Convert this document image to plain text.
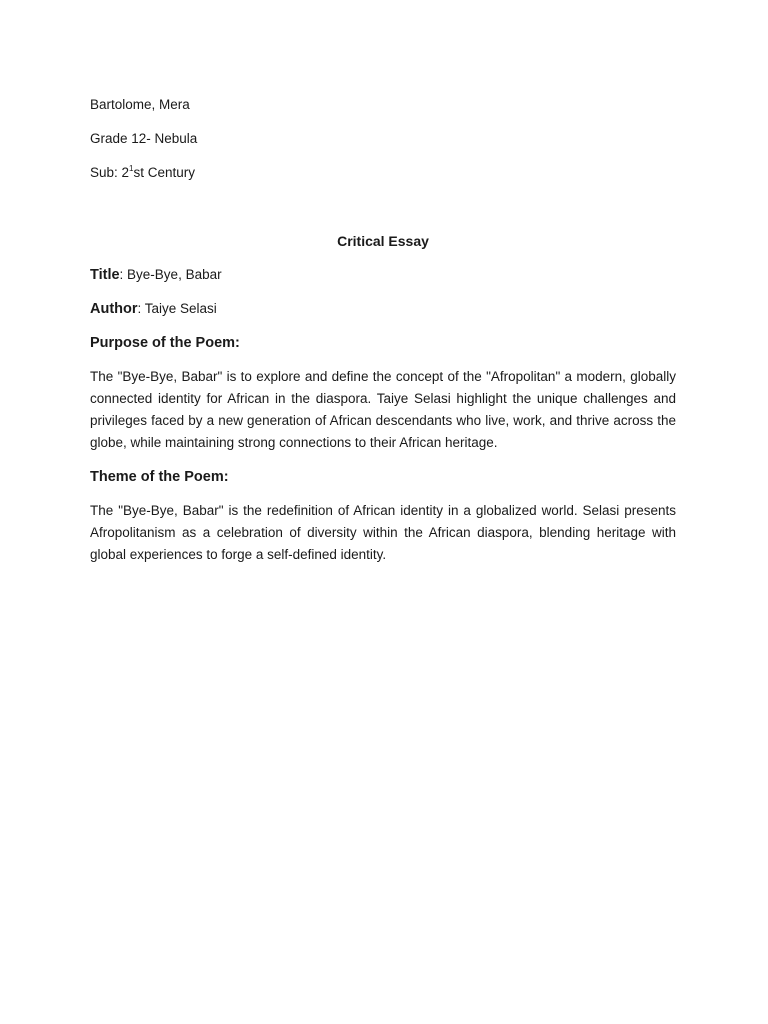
Bartolome, Mera
Grade 12- Nebula
Sub: $2^1st$ Century
Critical Essay
Title: Bye-Bye, Babar
Author: Taiye Selasi
Purpose of the Poem:

The "Bye-Bye, Babar" is to explore and define the concept of the "Afropolitan" a modern, globally connected identity for African in the diaspora. Taiye Selasi highlight the unique challenges and privileges faced by a new generation of African descendants who live, work, and thrive across the globe, while maintaining strong connections to their African heritage.

Theme of the Poem:

The "Bye-Bye, Babar" is the redefinition of African identity in a globalized world. Selasi presents Afropolitanism as a celebration of diversity within the African diaspora, blending heritage with global experiences to forge a self-defined identity.
